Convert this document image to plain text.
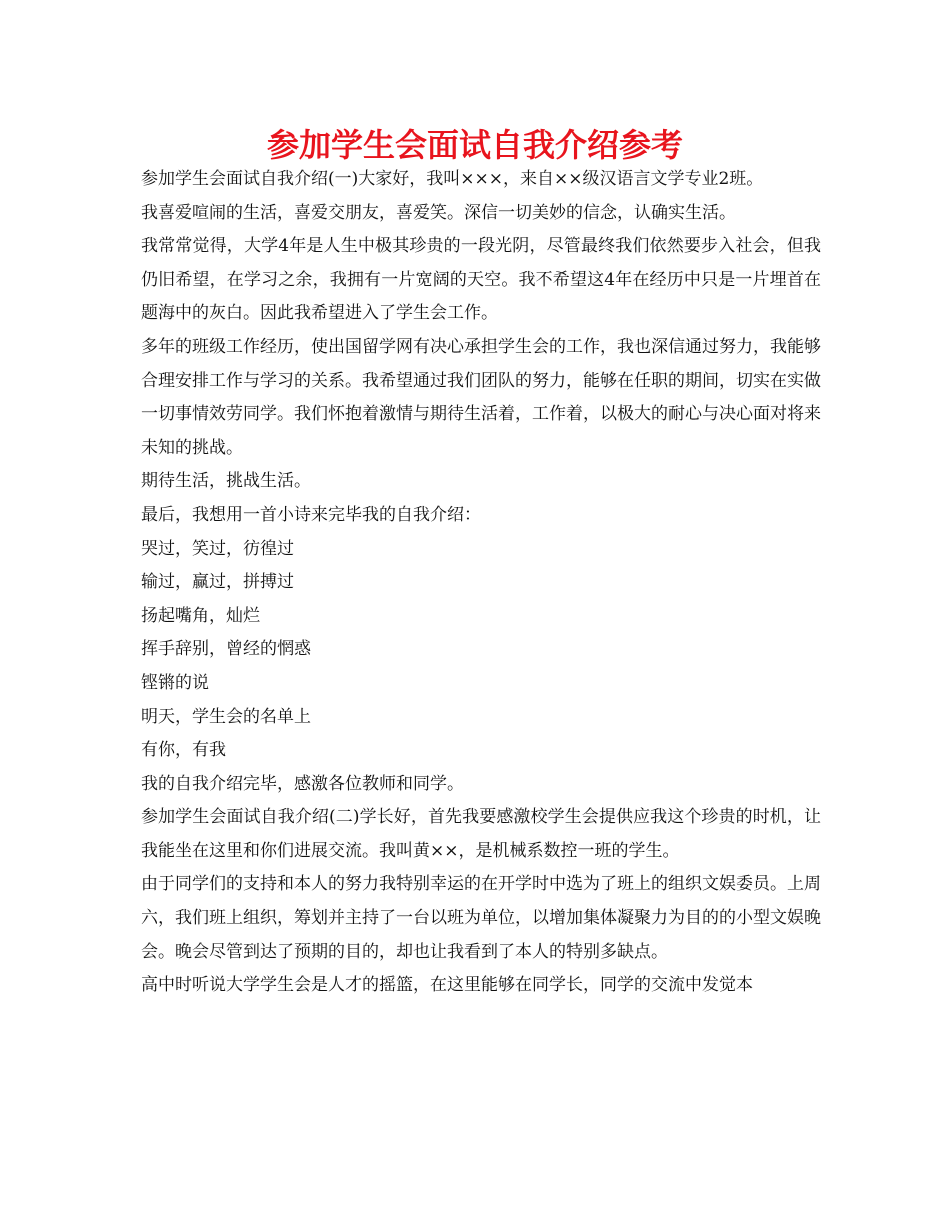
参加学生会面试自我介绍参考

参加学生会面试自我介绍(一)大家好，我叫×××，来自××级汉语言文学专业2班。

我喜爱喧闹的生活，喜爱交朋友，喜爱笑。深信一切美妙的信念，认确实生活。

我常常觉得，大学4年是人生中极其珍贵的一段光阴，尽管最终我们依然要步入社会，但我仍旧希望，在学习之余，我拥有一片宽阔的天空。我不希望这4年在经历中只是一片埋首在题海中的灰白。因此我希望进入了学生会工作。

多年的班级工作经历，使出国留学网有决心承担学生会的工作，我也深信通过努力，我能够合理安排工作与学习的关系。我希望通过我们团队的努力，能够在任职的期间，切实在实做一切事情效劳同学。我们怀抱着激情与期待生活着，工作着，以极大的耐心与决心面对将来未知的挑战。

期待生活，挑战生活。

最后，我想用一首小诗来完毕我的自我介绍：

哭过，笑过，彷徨过

输过，赢过，拼搏过

扬起嘴角，灿烂

挥手辞别，曾经的惘惑

铿锵的说

明天，学生会的名单上

有你，有我

我的自我介绍完毕，感激各位教师和同学。

参加学生会面试自我介绍(二)学长好，首先我要感激校学生会提供应我这个珍贵的时机，让我能坐在这里和你们进展交流。我叫黄××，是机械系数控一班的学生。

由于同学们的支持和本人的努力我特别幸运的在开学时中选为了班上的组织文娱委员。上周六，我们班上组织，筹划并主持了一台以班为单位，以增加集体凝聚力为目的的小型文娱晚会。晚会尽管到达了预期的目的，却也让我看到了本人的特别多缺点。

高中时听说大学学生会是人才的摇篮，在这里能够在同学长，同学的交流中发觉本
